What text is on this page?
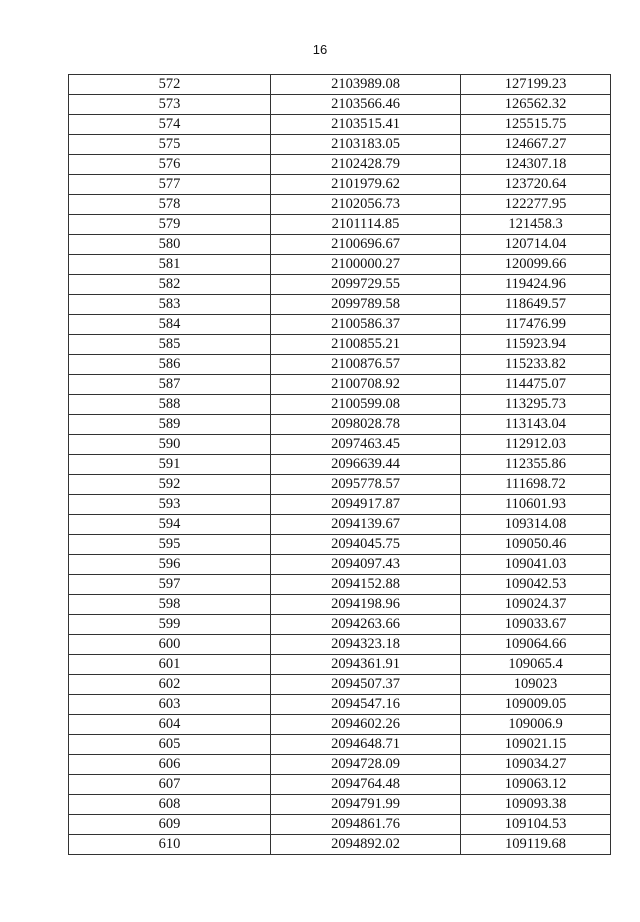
16
572	2103989.08	127199.23
573	2103566.46	126562.32
574	2103515.41	125515.75
575	2103183.05	124667.27
576	2102428.79	124307.18
577	2101979.62	123720.64
578	2102056.73	122277.95
579	2101114.85	121458.3
580	2100696.67	120714.04
581	2100000.27	120099.66
582	2099729.55	119424.96
583	2099789.58	118649.57
584	2100586.37	117476.99
585	2100855.21	115923.94
586	2100876.57	115233.82
587	2100708.92	114475.07
588	2100599.08	113295.73
589	2098028.78	113143.04
590	2097463.45	112912.03
591	2096639.44	112355.86
592	2095778.57	111698.72
593	2094917.87	110601.93
594	2094139.67	109314.08
595	2094045.75	109050.46
596	2094097.43	109041.03
597	2094152.88	109042.53
598	2094198.96	109024.37
599	2094263.66	109033.67
600	2094323.18	109064.66
601	2094361.91	109065.4
602	2094507.37	109023
603	2094547.16	109009.05
604	2094602.26	109006.9
605	2094648.71	109021.15
606	2094728.09	109034.27
607	2094764.48	109063.12
608	2094791.99	109093.38
609	2094861.76	109104.53
610	2094892.02	109119.68
